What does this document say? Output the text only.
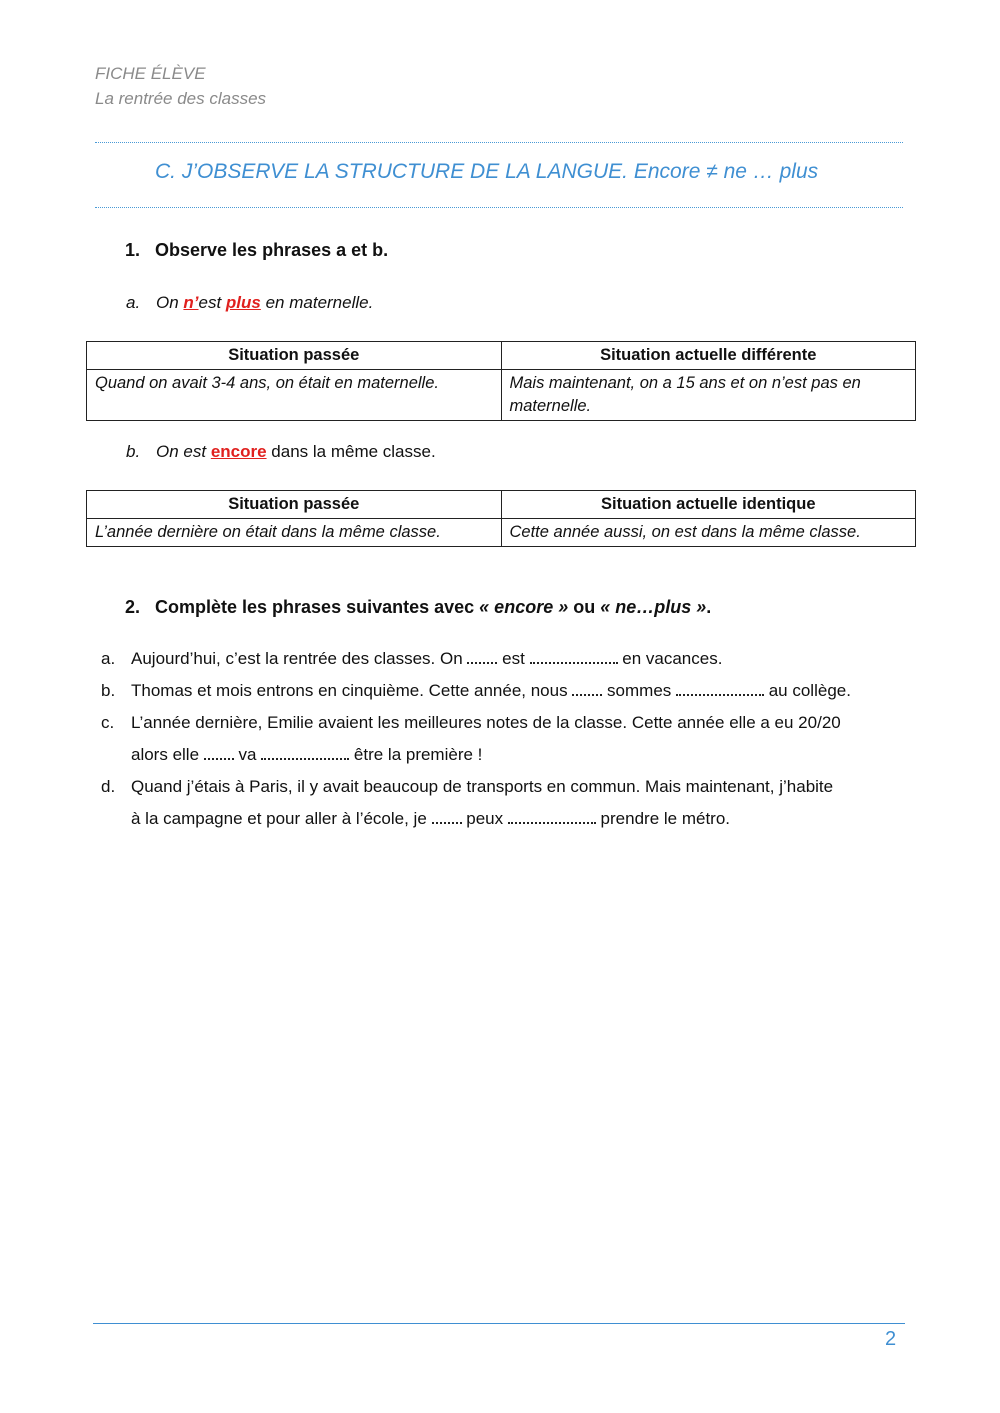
FICHE ÉLÈVE
La rentrée des classes
C. J’OBSERVE LA STRUCTURE DE LA LANGUE. Encore ≠ ne … plus
1. Observe les phrases a et b.
a. On n’est plus en maternelle.
Situation passée	Situation actuelle différente
Quand on avait 3-4 ans, on était en maternelle.	Mais maintenant, on a 15 ans et on n’est pas en maternelle.
b. On est encore dans la même classe.
Situation passée	Situation actuelle identique
L’année dernière on était dans la même classe.	Cette année aussi, on est dans la même classe.
2. Complète les phrases suivantes avec « encore » ou « ne…plus ».
a. Aujourd’hui, c’est la rentrée des classes. On  est	en vacances.
b. Thomas et mois entrons en cinquième. Cette année, nous  sommes	au collège.
c. L’année dernière, Emilie avaient les meilleures notes de la classe. Cette année elle a eu 20/20
alors elle  va	être la première !
d. Quand j’étais à Paris, il y avait beaucoup de transports en commun. Mais maintenant, j’habite
à la campagne et pour aller à l’école, je  peux	prendre le métro.
2
